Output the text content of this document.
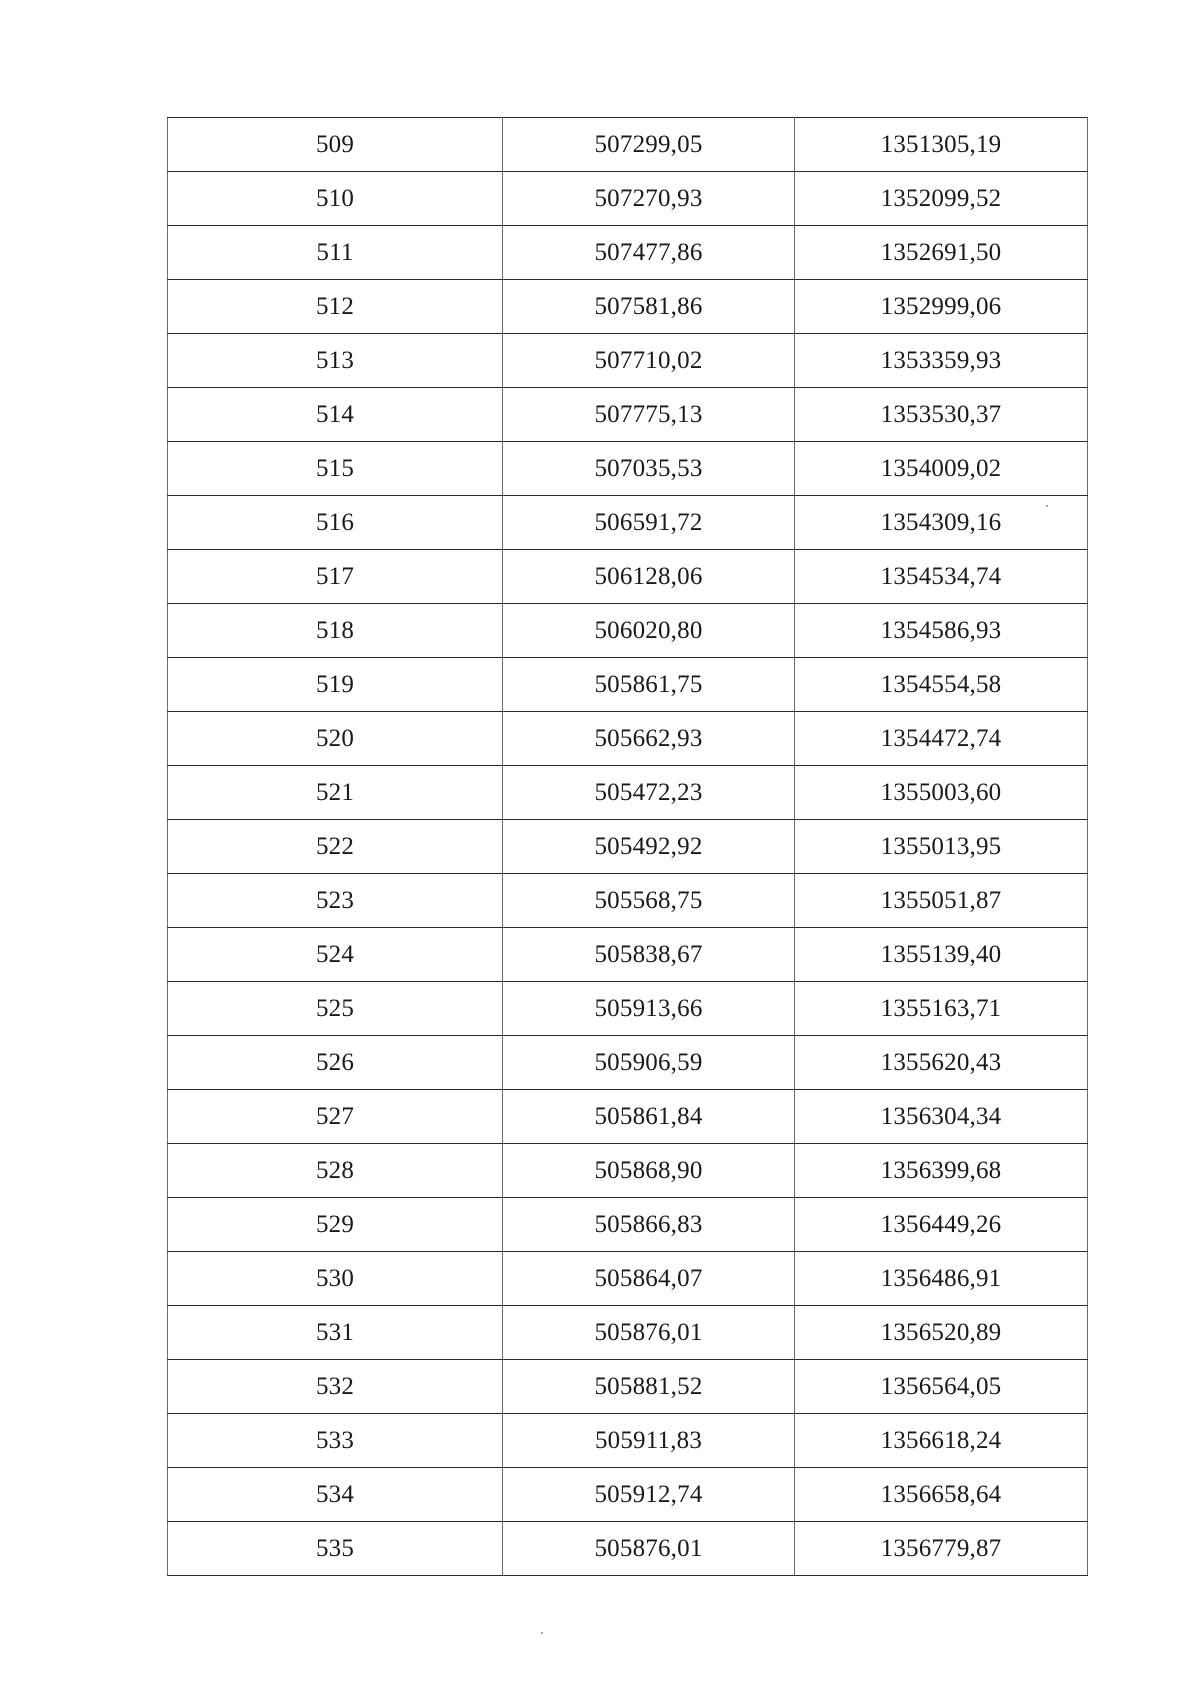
509	507299,05	1351305,19
510	507270,93	1352099,52
511	507477,86	1352691,50
512	507581,86	1352999,06
513	507710,02	1353359,93
514	507775,13	1353530,37
515	507035,53	1354009,02
516	506591,72	1354309,16
517	506128,06	1354534,74
518	506020,80	1354586,93
519	505861,75	1354554,58
520	505662,93	1354472,74
521	505472,23	1355003,60
522	505492,92	1355013,95
523	505568,75	1355051,87
524	505838,67	1355139,40
525	505913,66	1355163,71
526	505906,59	1355620,43
527	505861,84	1356304,34
528	505868,90	1356399,68
529	505866,83	1356449,26
530	505864,07	1356486,91
531	505876,01	1356520,89
532	505881,52	1356564,05
533	505911,83	1356618,24
534	505912,74	1356658,64
535	505876,01	1356779,87
